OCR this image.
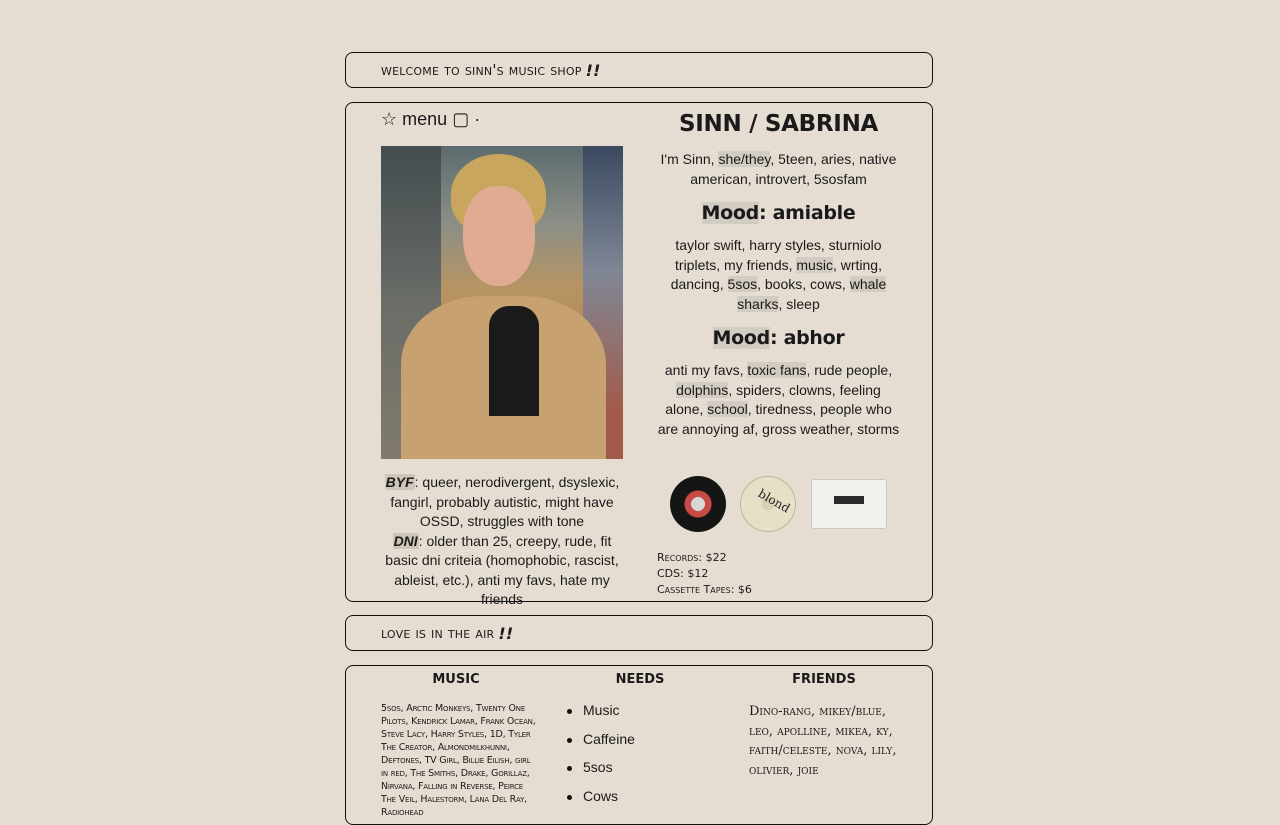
welcome to sinn's music shop !!
☆ menu ▢ ·
BYF: queer, nerodivergent, dsyslexic, fangirl, probably autistic, might have OSSD, struggles with tone
DNI: older than 25, creepy, rude, fit basic dni criteia (homophobic, rascist, ableist, etc.), anti my favs, hate my friends
SINN / SABRINA

I'm Sinn, she/they, 5teen, aries, native american, introvert, 5sosfam

Mood: amiable

taylor swift, harry styles, sturniolo triplets, my friends, music, wrting, dancing, 5sos, books, cows, whale sharks, sleep

Mood: abhor

anti my favs, toxic fans, rude people, dolphins, spiders, clowns, feeling alone, school, tiredness, people who are annoying af, gross weather, storms

blond
Records: $22
CDS: $12
Cassette Tapes: $6
love is in the air !!
MUSIC	NEEDS	FRIENDS
5sos, Arctic Monkeys, Twenty One Pilots, Kendrick Lamar, Frank Ocean, Steve Lacy, Harry Styles, 1D, Tyler The Creator, Almondmilkhunni, Deftones, TV Girl, Billie Eilish, girl in red, The Smiths, Drake, Gorillaz, Nirvana, Falling in Reverse, Peirce The Veil, Halestorm, Lana Del Ray, Radiohead
Music
Caffeine
5sos
Cows
Dino-rang, mikey/blue, leo, apolline, mikea, ky, faith/celeste, nova, lily, olivier, joie
